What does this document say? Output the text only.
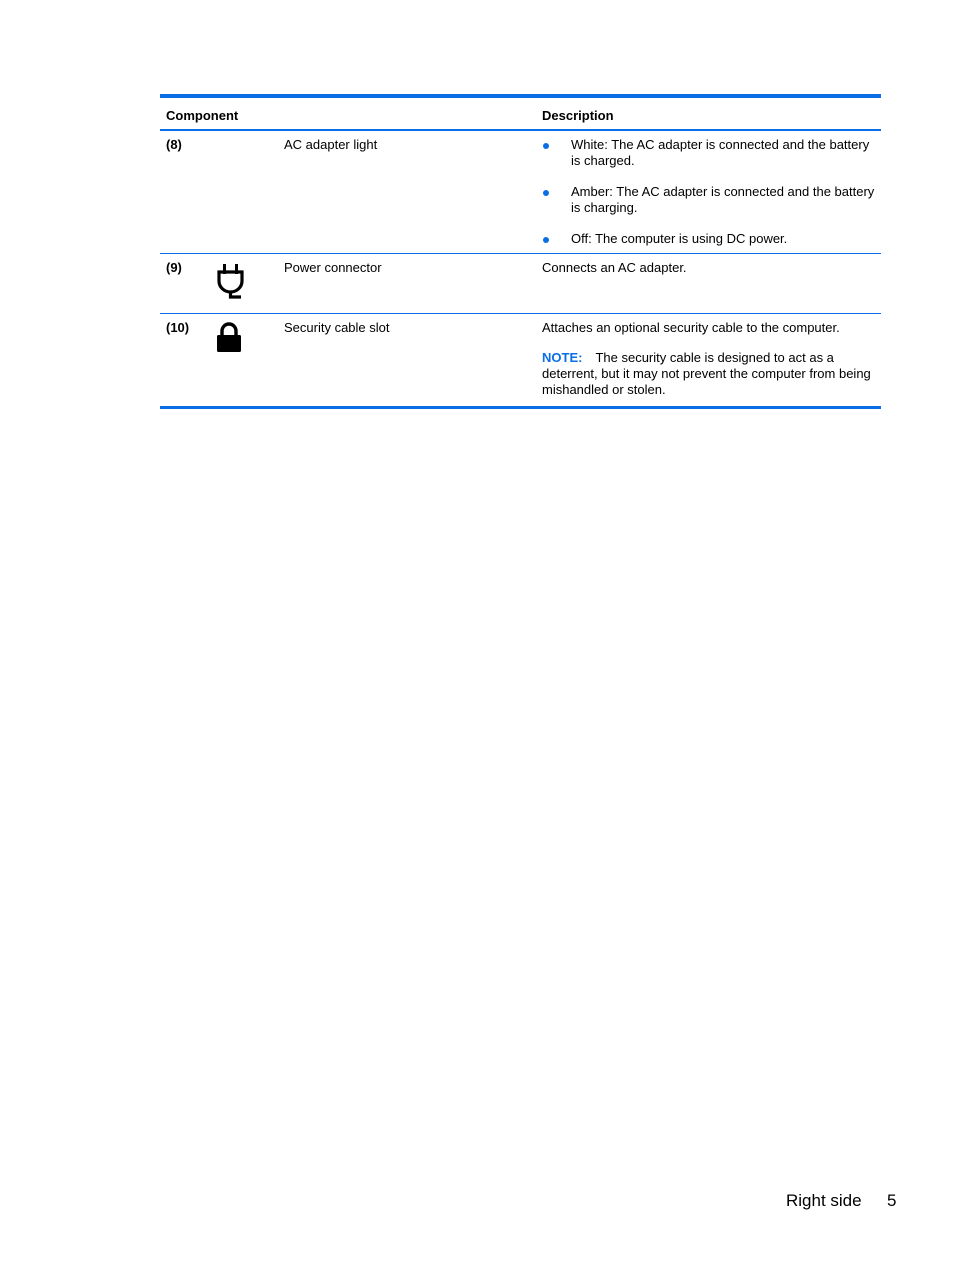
Component	Description
(8)	AC adapter light	White: The AC adapter is connected and the battery is charged.
Amber: The AC adapter is connected and the battery is charging.
Off: The computer is using DC power.
(9)	Power connector	Connects an AC adapter.

(10)	Security cable slot	Attaches an optional security cable to the computer.

NOTE: The security cable is designed to act as a deterrent, but it may not prevent the computer from being mishandled or stolen.

Right side 5
